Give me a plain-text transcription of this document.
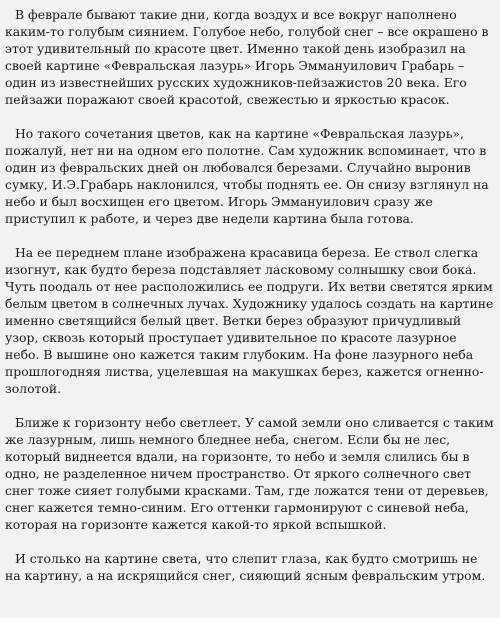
В феврале бывают такие дни, когда воздух и все вокруг наполнено каким-то голубым сиянием. Голубое небо, голубой снег – все окрашено в этот удивительный по красоте цвет. Именно такой день изобразил на своей картине «Февральская лазурь» Игорь Эммануилович Грабарь – один из известнейших русских художников-пейзажистов 20 века. Его пейзажи поражают своей красотой, свежестью и яркостью красок.

Но такого сочетания цветов, как на картине «Февральская лазурь», пожалуй, нет ни на одном его полотне. Сам художник вспоминает, что в один из февральских дней он любовался березами. Случайно выронив сумку, И.Э.Грабарь наклонился, чтобы поднять ее. Он снизу взглянул на небо и был восхищен его цветом. Игорь Эммануилович сразу же приступил к работе, и через две недели картина была готова.

На ее переднем плане изображена красавица береза. Ее ствол слегка изогнут, как будто береза подставляет ласковому солнышку свои бока. Чуть поодаль от нее расположились ее подруги. Их ветви светятся ярким белым цветом в солнечных лучах. Художнику удалось создать на картине именно светящийся белый цвет. Ветки берез образуют причудливый узор, сквозь который проступает удивительное по красоте лазурное небо. В вышине оно кажется таким глубоким. На фоне лазурного неба прошлогодняя листва, уцелевшая на макушках берез, кажется огненно-золотой.

Ближе к горизонту небо светлеет. У самой земли оно сливается с таким же лазурным, лишь немного бледнее неба, снегом. Если бы не лес, который виднеется вдали, на горизонте, то небо и земля слились бы в одно, не разделенное ничем пространство. От яркого солнечного свет снег тоже сияет голубыми красками. Там, где ложатся тени от деревьев, снег кажется темно-синим. Его оттенки гармонируют с синевой неба, которая на горизонте кажется какой-то яркой вспышкой.

И столько на картине света, что слепит глаза, как будто смотришь не на картину, а на искрящийся снег, сияющий ясным февральским утром.
